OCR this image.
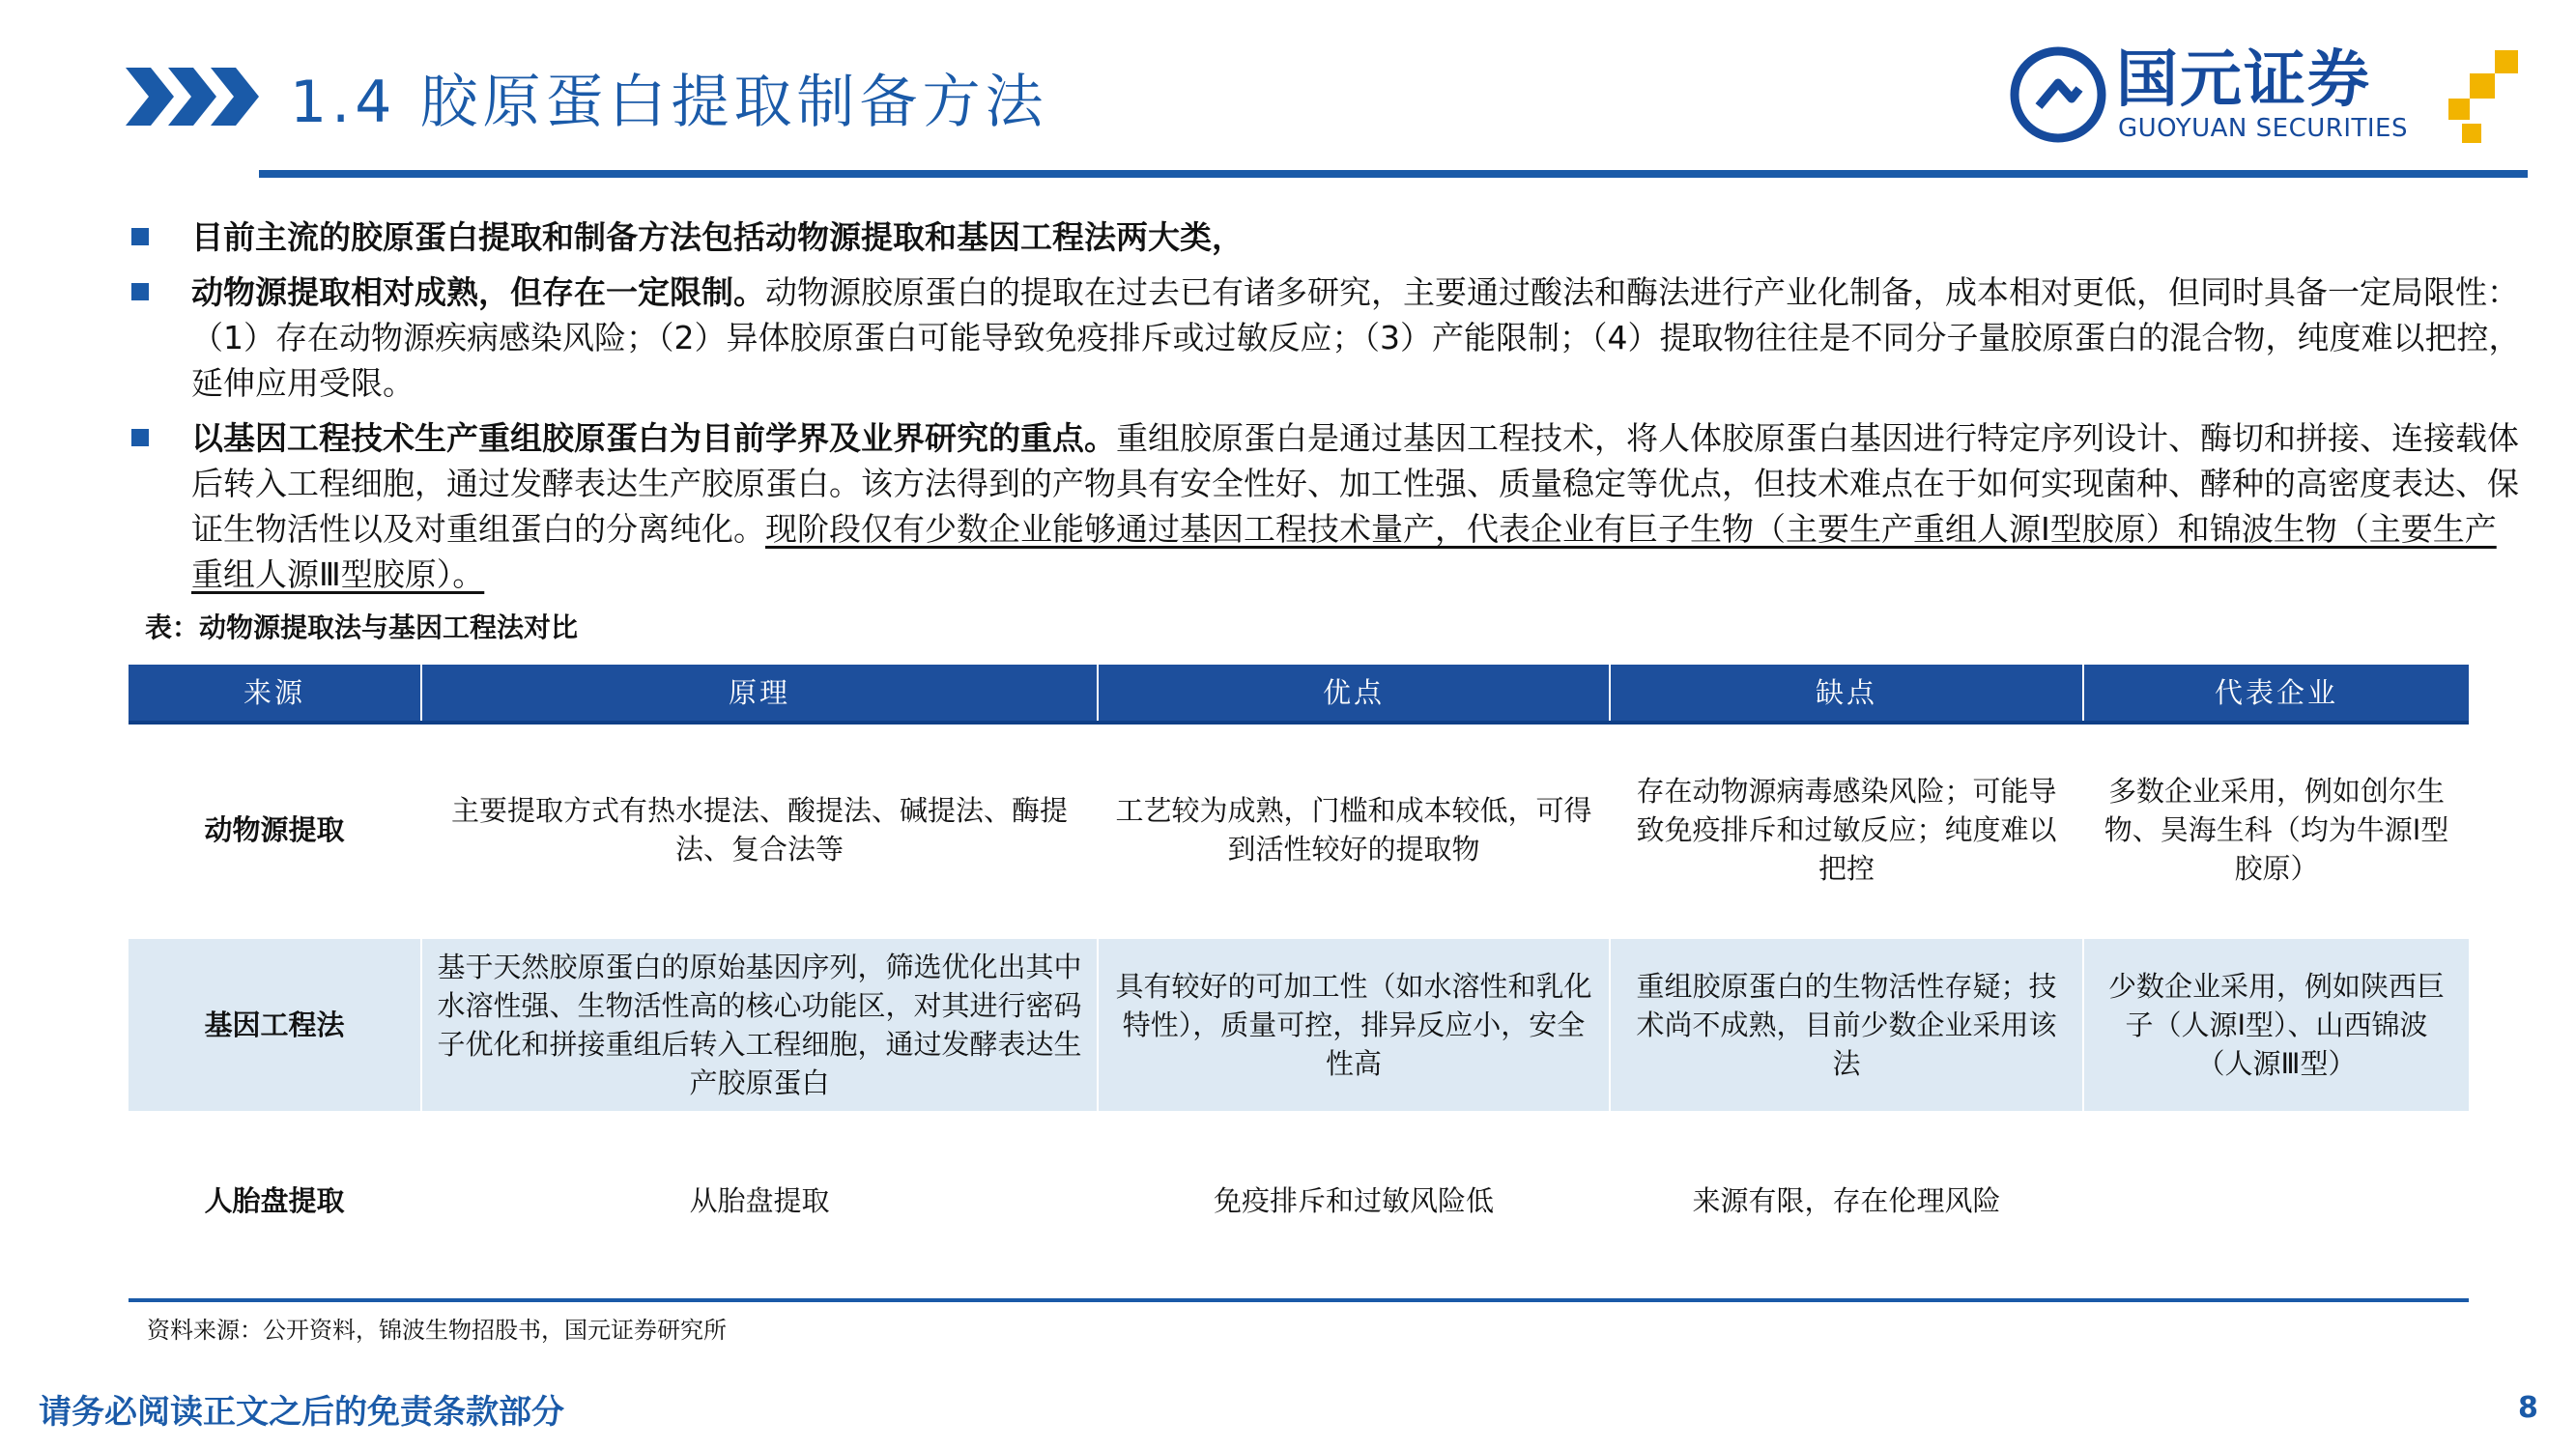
1.4 胶原蛋白提取制备方法	国元证券
GUOYUAN SECURITIES

目前主流的胶原蛋白提取和制备方法包括动物源提取和基因工程法两大类，

动物源提取相对成熟，但存在一定限制。动物源胶原蛋白的提取在过去已有诸多研究，主要通过酸法和酶法进行产业化制备，成本相对更低，但同时具备一定局限性：（1）存在动物源疾病感染风险；（2）异体胶原蛋白可能导致免疫排斥或过敏反应；（3）产能限制；（4）提取物往往是不同分子量胶原蛋白的混合物，纯度难以把控，延伸应用受限。

以基因工程技术生产重组胶原蛋白为目前学界及业界研究的重点。重组胶原蛋白是通过基因工程技术，将人体胶原蛋白基因进行特定序列设计、酶切和拼接、连接载体后转入工程细胞，通过发酵表达生产胶原蛋白。该方法得到的产物具有安全性好、加工性强、质量稳定等优点，但技术难点在于如何实现菌种、酵种的高密度表达、保证生物活性以及对重组蛋白的分离纯化。现阶段仅有少数企业能够通过基因工程技术量产，代表企业有巨子生物（主要生产重组人源Ⅰ型胶原）和锦波生物（主要生产重组人源Ⅲ型胶原）。

表：动物源提取法与基因工程法对比
来源	原理	优点	缺点	代表企业
动物源提取	主要提取方式有热水提法、酸提法、碱提法、酶提法、复合法等	工艺较为成熟，门槛和成本较低，可得到活性较好的提取物	存在动物源病毒感染风险；可能导致免疫排斥和过敏反应；纯度难以把控	多数企业采用，例如创尔生物、昊海生科（均为牛源Ⅰ型胶原）
基因工程法	基于天然胶原蛋白的原始基因序列，筛选优化出其中水溶性强、生物活性高的核心功能区，对其进行密码子优化和拼接重组后转入工程细胞，通过发酵表达生产胶原蛋白	具有较好的可加工性（如水溶性和乳化特性），质量可控，排异反应小，安全性高	重组胶原蛋白的生物活性存疑；技术尚不成熟，目前少数企业采用该法	少数企业采用，例如陕西巨子（人源Ⅰ型）、山西锦波（人源Ⅲ型）
人胎盘提取	从胎盘提取	免疫排斥和过敏风险低	来源有限，存在伦理风险	
资料来源：公开资料，锦波生物招股书，国元证券研究所
请务必阅读正文之后的免责条款部分	8
